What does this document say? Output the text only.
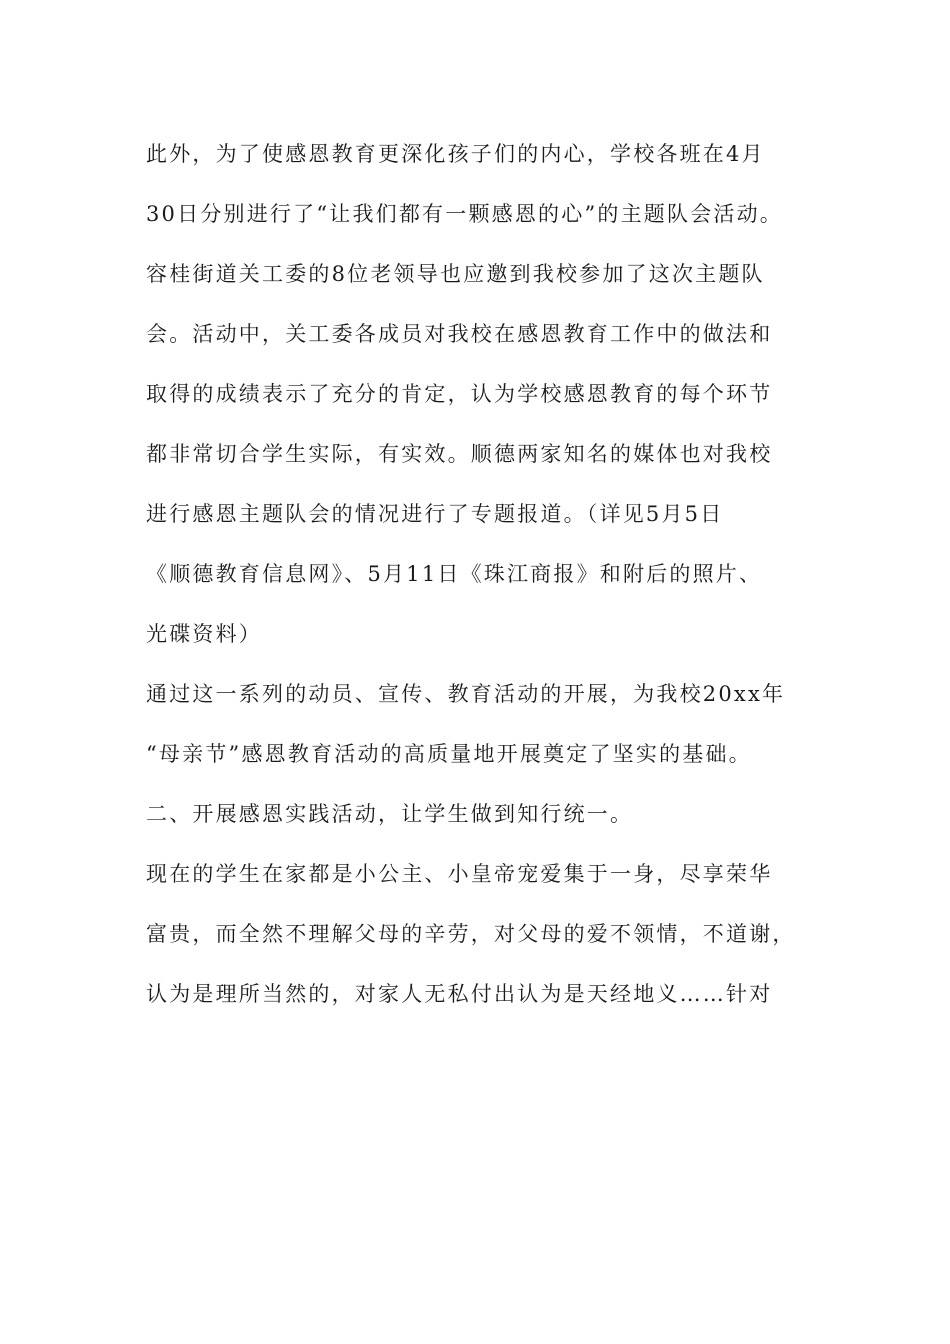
此外，为了使感恩教育更深化孩子们的内心，学校各班在4月
30日分别进行了“让我们都有一颗感恩的心”的主题队会活动。
容桂街道关工委的8位老领导也应邀到我校参加了这次主题队
会。活动中，关工委各成员对我校在感恩教育工作中的做法和
取得的成绩表示了充分的肯定，认为学校感恩教育的每个环节
都非常切合学生实际，有实效。顺德两家知名的媒体也对我校
进行感恩主题队会的情况进行了专题报道。（详见5月5日
《顺德教育信息网》、5月11日《珠江商报》和附后的照片、
光碟资料）
通过这一系列的动员、宣传、教育活动的开展，为我校20xx年
“母亲节”感恩教育活动的高质量地开展奠定了坚实的基础。
二、开展感恩实践活动，让学生做到知行统一。
现在的学生在家都是小公主、小皇帝宠爱集于一身，尽享荣华
富贵，而全然不理解父母的辛劳，对父母的爱不领情，不道谢，
认为是理所当然的，对家人无私付出认为是天经地义……针对
